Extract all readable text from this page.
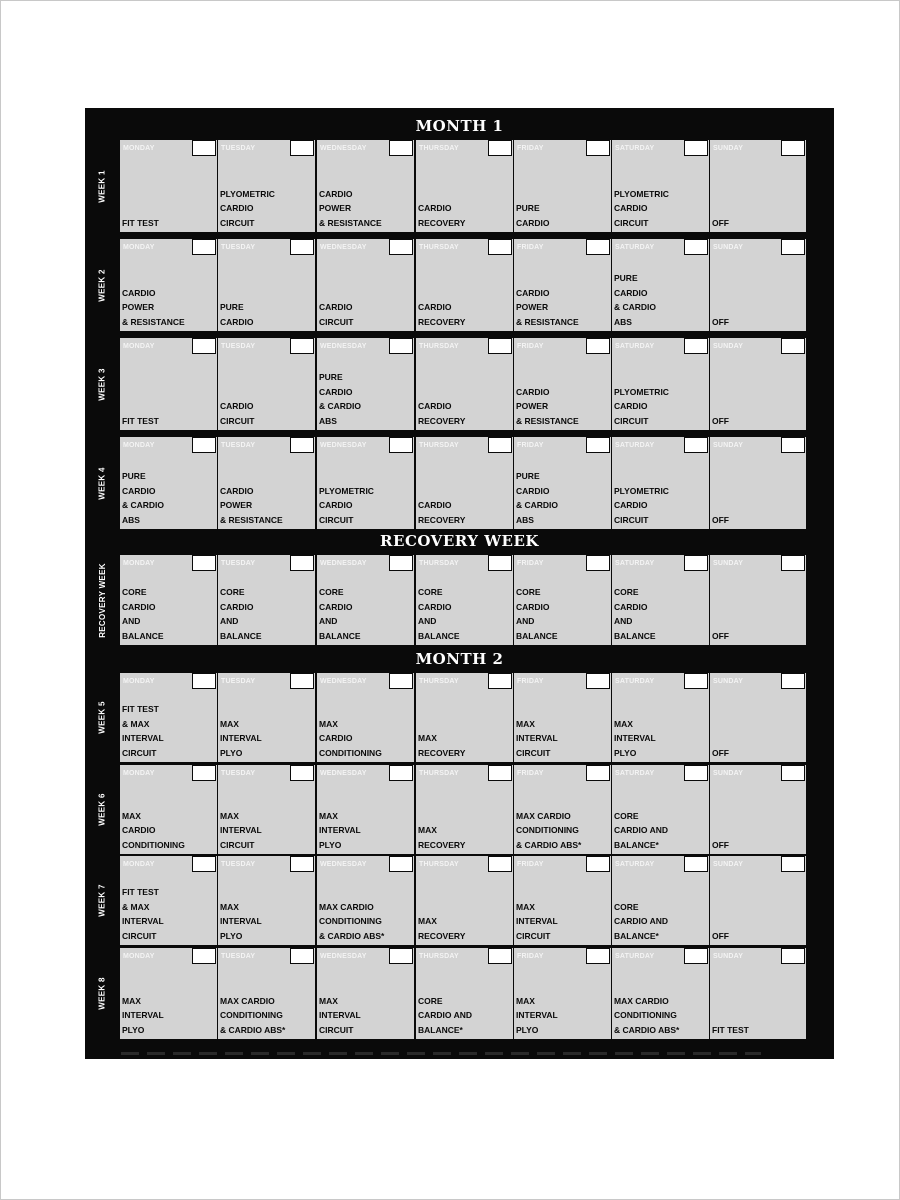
MONTH 1
RECOVERY WEEK
MONTH 2
WEEK 1
MONDAY
FIT TEST
TUESDAY
PLYOMETRIC
CARDIO
CIRCUIT
WEDNESDAY
CARDIO
POWER
& RESISTANCE
THURSDAY
CARDIO
RECOVERY
FRIDAY
PURE
CARDIO
SATURDAY
PLYOMETRIC
CARDIO
CIRCUIT
SUNDAY
OFF
WEEK 2
MONDAY
CARDIO
POWER
& RESISTANCE
TUESDAY
PURE
CARDIO
WEDNESDAY
CARDIO
CIRCUIT
THURSDAY
CARDIO
RECOVERY
FRIDAY
CARDIO
POWER
& RESISTANCE
SATURDAY
PURE
CARDIO
& CARDIO
ABS
SUNDAY
OFF
WEEK 3
MONDAY
FIT TEST
TUESDAY
CARDIO
CIRCUIT
WEDNESDAY
PURE
CARDIO
& CARDIO
ABS
THURSDAY
CARDIO
RECOVERY
FRIDAY
CARDIO
POWER
& RESISTANCE
SATURDAY
PLYOMETRIC
CARDIO
CIRCUIT
SUNDAY
OFF
WEEK 4
MONDAY
PURE
CARDIO
& CARDIO
ABS
TUESDAY
CARDIO
POWER
& RESISTANCE
WEDNESDAY
PLYOMETRIC
CARDIO
CIRCUIT
THURSDAY
CARDIO
RECOVERY
FRIDAY
PURE
CARDIO
& CARDIO
ABS
SATURDAY
PLYOMETRIC
CARDIO
CIRCUIT
SUNDAY
OFF
RECOVERY WEEK MONDAY
CORE
CARDIO
AND
BALANCE
TUESDAY
CORE
CARDIO
AND
BALANCE
WEDNESDAY
CORE
CARDIO
AND
BALANCE
THURSDAY
CORE
CARDIO
AND
BALANCE
FRIDAY
CORE
CARDIO
AND
BALANCE
SATURDAY
CORE
CARDIO
AND
BALANCE
SUNDAY
OFF
WEEK 5
MONDAY
FIT TEST
& MAX
INTERVAL
CIRCUIT
TUESDAY
MAX
INTERVAL
PLYO
WEDNESDAY
MAX
CARDIO
CONDITIONING
THURSDAY
MAX
RECOVERY
FRIDAY
MAX
INTERVAL
CIRCUIT
SATURDAY
MAX
INTERVAL
PLYO
SUNDAY
OFF
WEEK 6
MONDAY
MAX
CARDIO
CONDITIONING
TUESDAY
MAX
INTERVAL
CIRCUIT
WEDNESDAY
MAX
INTERVAL
PLYO
THURSDAY
MAX
RECOVERY
FRIDAY
MAX CARDIO
CONDITIONING
& CARDIO ABS*
SATURDAY
CORE
CARDIO AND
BALANCE*
SUNDAY
OFF
WEEK 7
MONDAY
FIT TEST
& MAX
INTERVAL
CIRCUIT
TUESDAY
MAX
INTERVAL
PLYO
WEDNESDAY
MAX CARDIO
CONDITIONING
& CARDIO ABS*
THURSDAY
MAX
RECOVERY
FRIDAY
MAX
INTERVAL
CIRCUIT
SATURDAY
CORE
CARDIO AND
BALANCE*
SUNDAY
OFF
WEEK 8
MONDAY
MAX
INTERVAL
PLYO
TUESDAY
MAX CARDIO
CONDITIONING
& CARDIO ABS*
WEDNESDAY
MAX
INTERVAL
CIRCUIT
THURSDAY
CORE
CARDIO AND
BALANCE*
FRIDAY
MAX
INTERVAL
PLYO
SATURDAY
MAX CARDIO
CONDITIONING
& CARDIO ABS*
SUNDAY
FIT TEST
